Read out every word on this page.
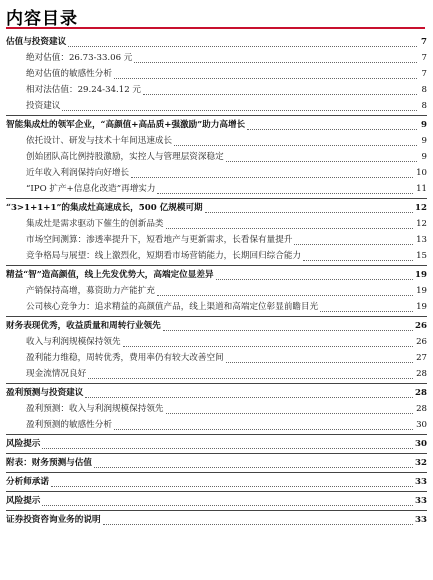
内容目录
估值与投资建议	7
绝对估值：26.73-33.06 元	7
绝对估值的敏感性分析	7
相对法估值：29.24-34.12 元	8
投资建议	8
智能集成灶的领军企业，“高颜值+高品质+强激励”助力高增长	9
依托设计、研发与技术十年间迅速成长	9
创始团队高比例持股激励，实控人与管理层资深稳定	9
近年收入利润保持向好增长	10
“IPO 扩产+信息化改造”再增实力	11
“3>1+1+1”的集成灶高速成长，500 亿规模可期	12
集成灶是需求驱动下催生的创新品类	12
市场空间测算：渗透率提升下，短看地产与更新需求，长看保有量提升	13
竞争格局与展望：线上激烈化，短期看市场营销能力，长期回归综合能力	15
精益“智”造高颜值，线上先发优势大，高端定位显差异	19
产销保持高增，募资助力产能扩充	19
公司核心竞争力：追求精益的高颜值产品，线上渠道和高端定位彰显前瞻目光	19
财务表现优秀，收益质量和周转行业领先	26
收入与利润规模保持领先	26
盈利能力维稳，周转优秀，费用率仍有较大改善空间	27
现金流情况良好	28
盈利预测与投资建议	28
盈利预测：收入与利润规模保持领先	28
盈利预测的敏感性分析	30
风险提示	30
附表：财务预测与估值	32
分析师承诺	33
风险提示	33
证券投资咨询业务的说明	33
